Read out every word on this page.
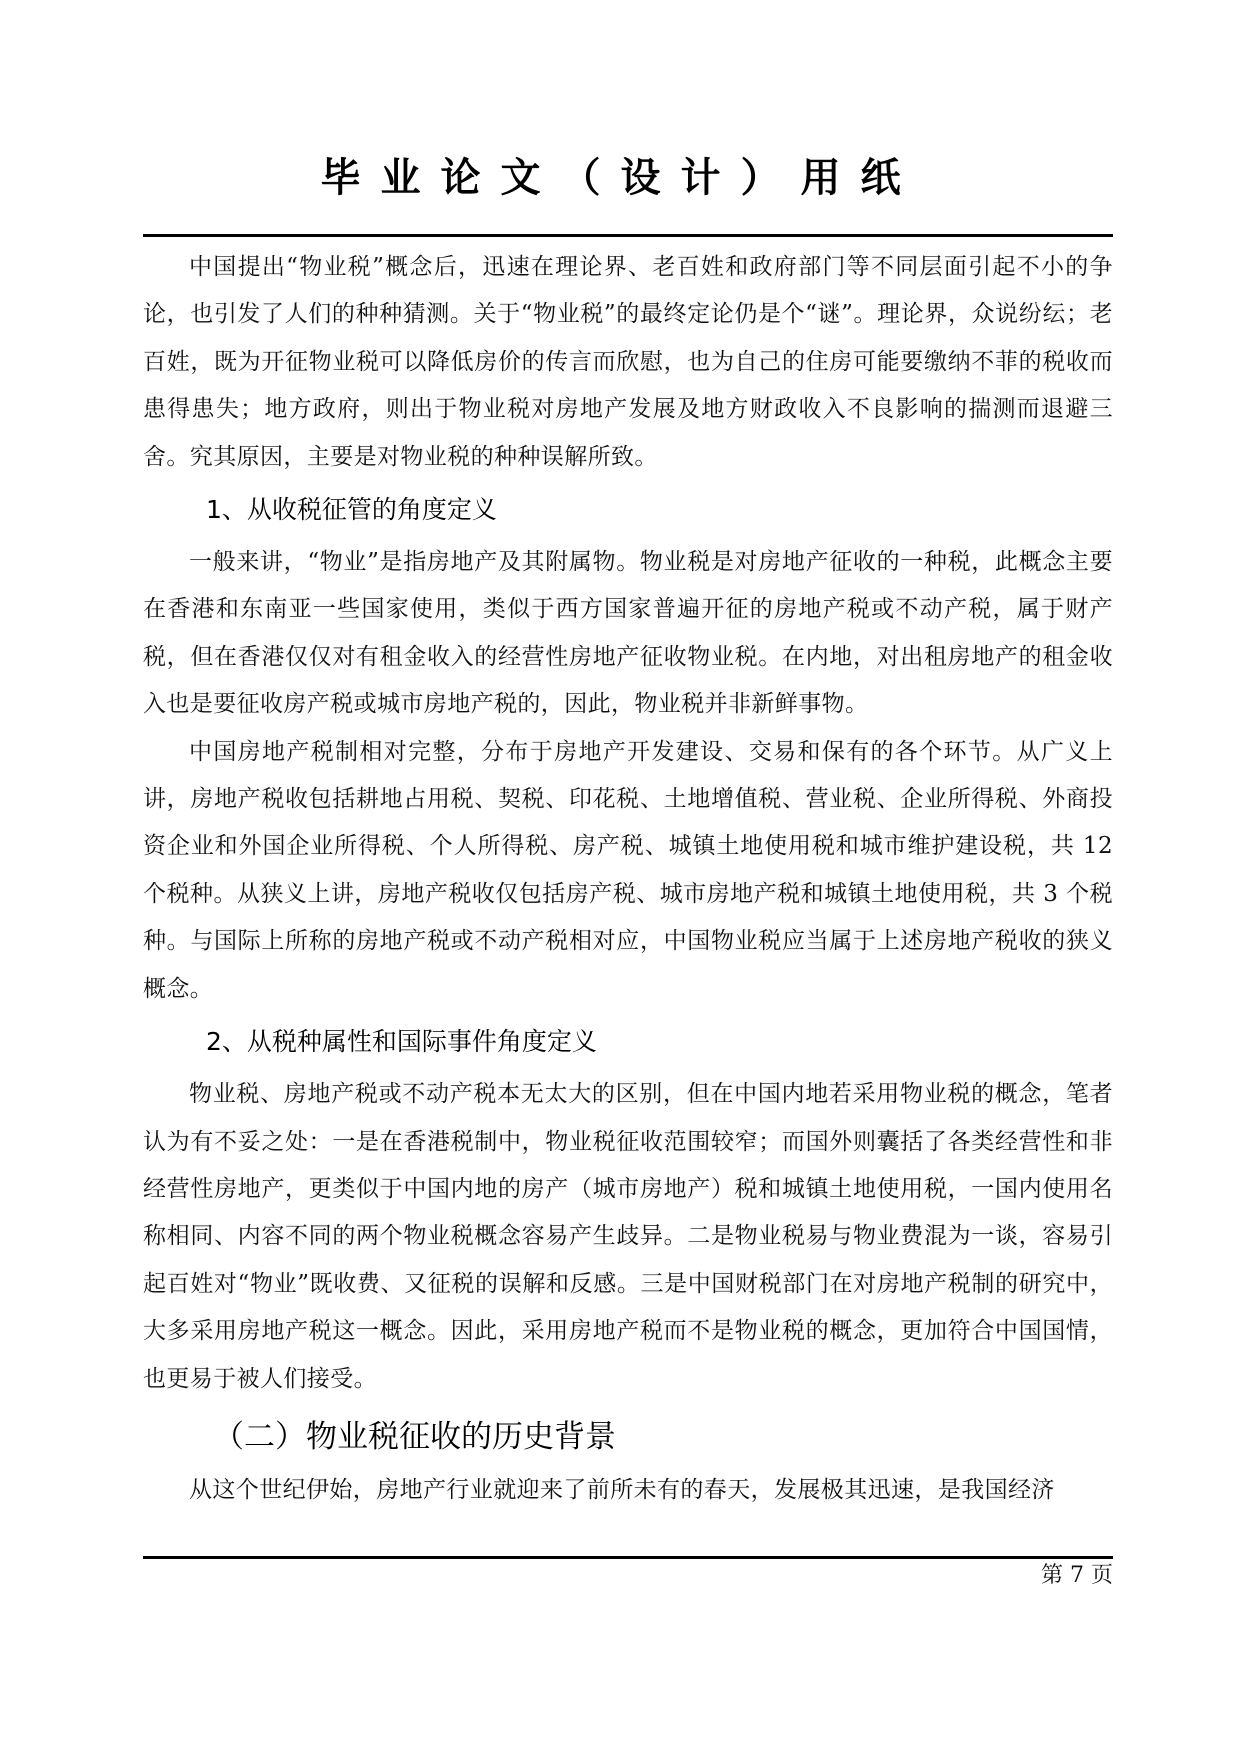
毕业论文（设计）用纸

中国提出“物业税”概念后，迅速在理论界、老百姓和政府部门等不同层面引起不小的争论，也引发了人们的种种猜测。关于“物业税”的最终定论仍是个“谜”。理论界，众说纷纭；老百姓，既为开征物业税可以降低房价的传言而欣慰，也为自己的住房可能要缴纳不菲的税收而患得患失；地方政府，则出于物业税对房地产发展及地方财政收入不良影响的揣测而退避三舍。究其原因，主要是对物业税的种种误解所致。

1、从收税征管的角度定义

一般来讲，“物业”是指房地产及其附属物。物业税是对房地产征收的一种税，此概念主要在香港和东南亚一些国家使用，类似于西方国家普遍开征的房地产税或不动产税，属于财产税，但在香港仅仅对有租金收入的经营性房地产征收物业税。在内地，对出租房地产的租金收入也是要征收房产税或城市房地产税的，因此，物业税并非新鲜事物。

中国房地产税制相对完整，分布于房地产开发建设、交易和保有的各个环节。从广义上讲，房地产税收包括耕地占用税、契税、印花税、土地增值税、营业税、企业所得税、外商投资企业和外国企业所得税、个人所得税、房产税、城镇土地使用税和城市维护建设税，共 12 个税种。从狭义上讲，房地产税收仅包括房产税、城市房地产税和城镇土地使用税，共 3 个税种。与国际上所称的房地产税或不动产税相对应，中国物业税应当属于上述房地产税收的狭义概念。

2、从税种属性和国际事件角度定义

物业税、房地产税或不动产税本无太大的区别，但在中国内地若采用物业税的概念，笔者认为有不妥之处：一是在香港税制中，物业税征收范围较窄；而国外则囊括了各类经营性和非经营性房地产，更类似于中国内地的房产（城市房地产）税和城镇土地使用税，一国内使用名称相同、内容不同的两个物业税概念容易产生歧异。二是物业税易与物业费混为一谈，容易引起百姓对“物业”既收费、又征税的误解和反感。三是中国财税部门在对房地产税制的研究中，大多采用房地产税这一概念。因此，采用房地产税而不是物业税的概念，更加符合中国国情，也更易于被人们接受。

（二）物业税征收的历史背景

从这个世纪伊始，房地产行业就迎来了前所未有的春天，发展极其迅速，是我国经济

第 7 页
